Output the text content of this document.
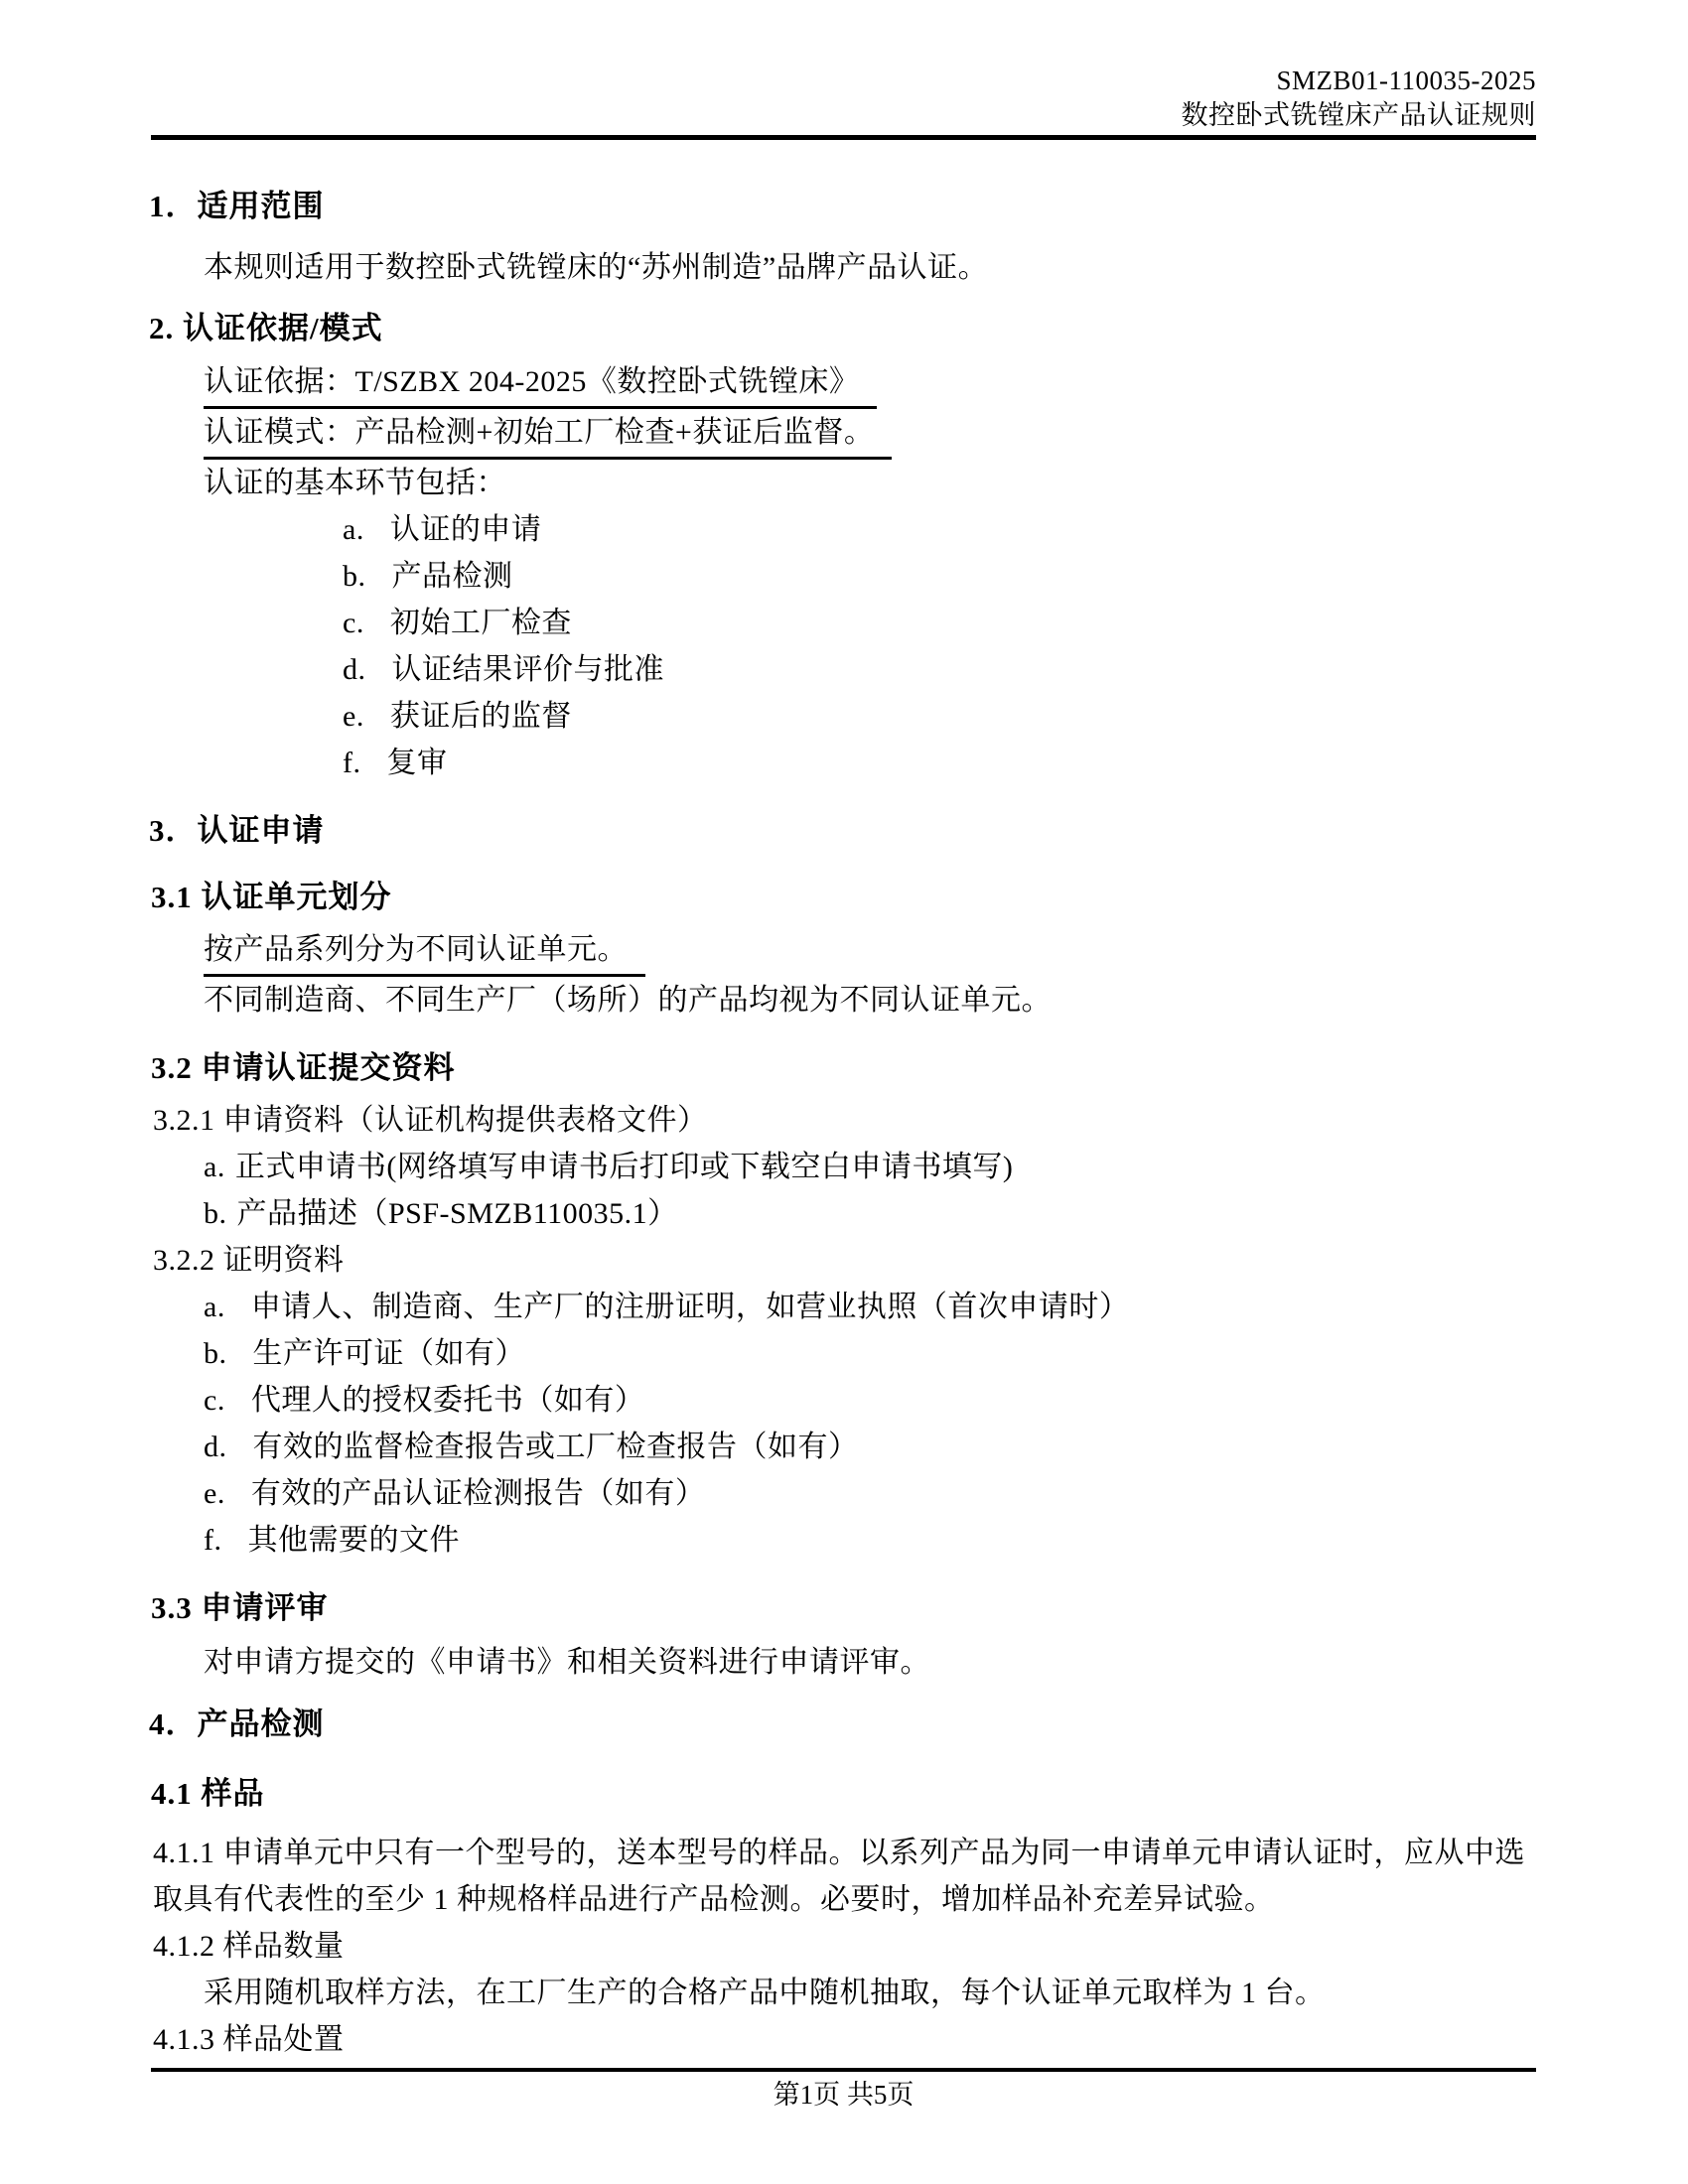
SMZB01-110035-2025
数控卧式铣镗床产品认证规则
1．适用范围
本规则适用于数控卧式铣镗床的“苏州制造”品牌产品认证。
2. 认证依据/模式
认证依据：T/SZBX 204-2025《数控卧式铣镗床》
认证模式：产品检测+初始工厂检查+获证后监督。
认证的基本环节包括：
a. 认证的申请
b. 产品检测
c. 初始工厂检查
d. 认证结果评价与批准
e. 获证后的监督
f. 复审
3．认证申请
3.1 认证单元划分
按产品系列分为不同认证单元。
不同制造商、不同生产厂（场所）的产品均视为不同认证单元。
3.2 申请认证提交资料
3.2.1 申请资料（认证机构提供表格文件）
a. 正式申请书(网络填写申请书后打印或下载空白申请书填写)
b. 产品描述（PSF-SMZB110035.1）
3.2.2 证明资料
a. 申请人、制造商、生产厂的注册证明，如营业执照（首次申请时）
b. 生产许可证（如有）
c. 代理人的授权委托书（如有）
d. 有效的监督检查报告或工厂检查报告（如有）
e. 有效的产品认证检测报告（如有）
f. 其他需要的文件
3.3 申请评审
对申请方提交的《申请书》和相关资料进行申请评审。
4．产品检测
4.1 样品
4.1.1 申请单元中只有一个型号的，送本型号的样品。以系列产品为同一申请单元申请认证时，应从中选取具有代表性的至少 1 种规格样品进行产品检测。必要时，增加样品补充差异试验。
4.1.2 样品数量
采用随机取样方法，在工厂生产的合格产品中随机抽取，每个认证单元取样为 1 台。
4.1.3 样品处置
第1页 共5页
